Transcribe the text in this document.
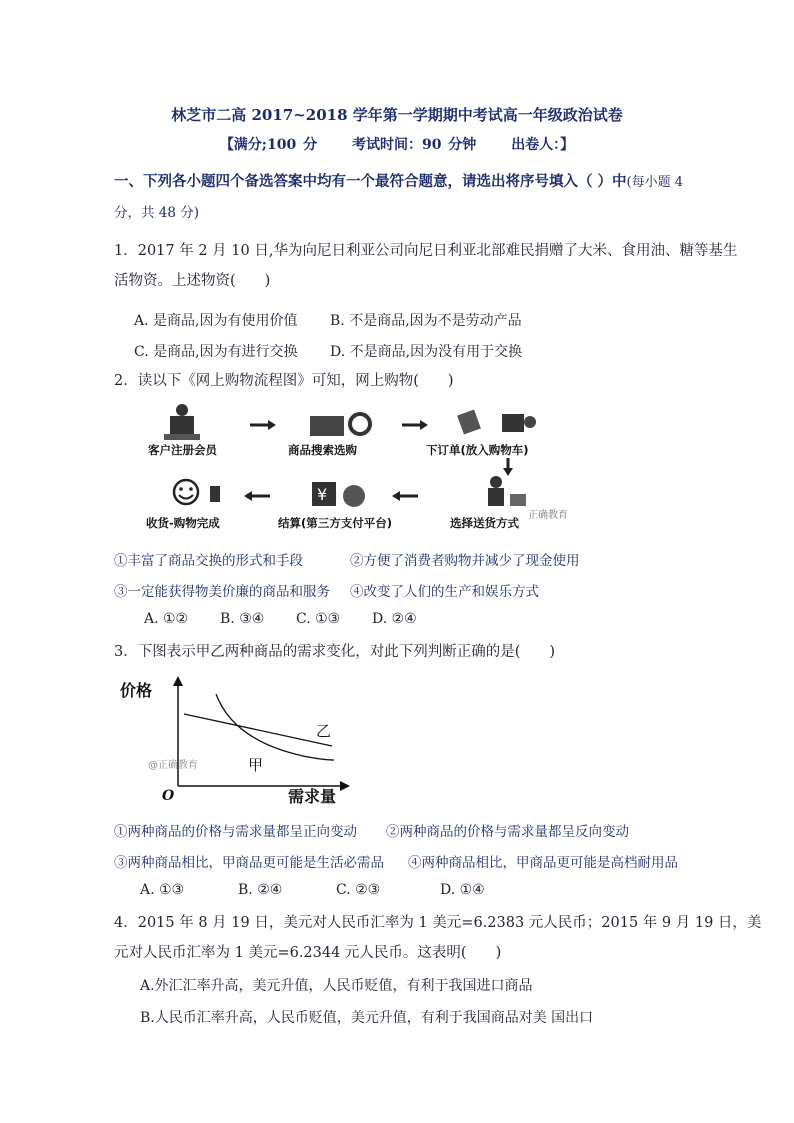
林芝市二高 2017~2018 学年第一学期期中考试高一年级政治试卷
【满分;100 分 考试时间：90 分钟 出卷人：】
一、下列各小题四个备选答案中均有一个最符合题意，请选出将序号填入（ ）中(每小题 4
分，共 48 分)
1．2017 年 2 月 10 日,华为向尼日利亚公司向尼日利亚北部难民捐赠了大米、食用油、糖等基生
活物资。上述物资(　　)
A. 是商品,因为有使用价值 B. 不是商品,因为不是劳动产品
C. 是商品,因为有进行交换 D. 不是商品,因为没有用于交换
2．读以下《网上购物流程图》可知，网上购物(　　)
客户注册会员	商品搜索选购	下订单(放入购物车)
¥
正确教育
收货-购物完成	结算(第三方支付平台)	选择送货方式
①丰富了商品交换的形式和手段	②方便了消费者购物并减少了现金使用
③一定能获得物美价廉的商品和服务 ④改变了人们的生产和娱乐方式
A. ①② B. ③④ C. ①③ D. ②④
3．下图表示甲乙两种商品的需求变化，对此下列判断正确的是(　　)
价格
需求量
O
乙
甲
@正确教育
①两种商品的价格与需求量都呈正向变动 ②两种商品的价格与需求量都呈反向变动
③两种商品相比，甲商品更可能是生活必需品 ④两种商品相比，甲商品更可能是高档耐用品
A. ①③	B. ②④	C. ②③	D. ①④
4．2015 年 8 月 19 日，美元对人民币汇率为 1 美元=6.2383 元人民币；2015 年 9 月 19 日，美
元对人民币汇率为 1 美元=6.2344 元人民币。这表明(　　)
A.外汇汇率升高，美元升值，人民币贬值，有利于我国进口商品
B.人民币汇率升高，人民币贬值，美元升值，有利于我国商品对美 国出口
